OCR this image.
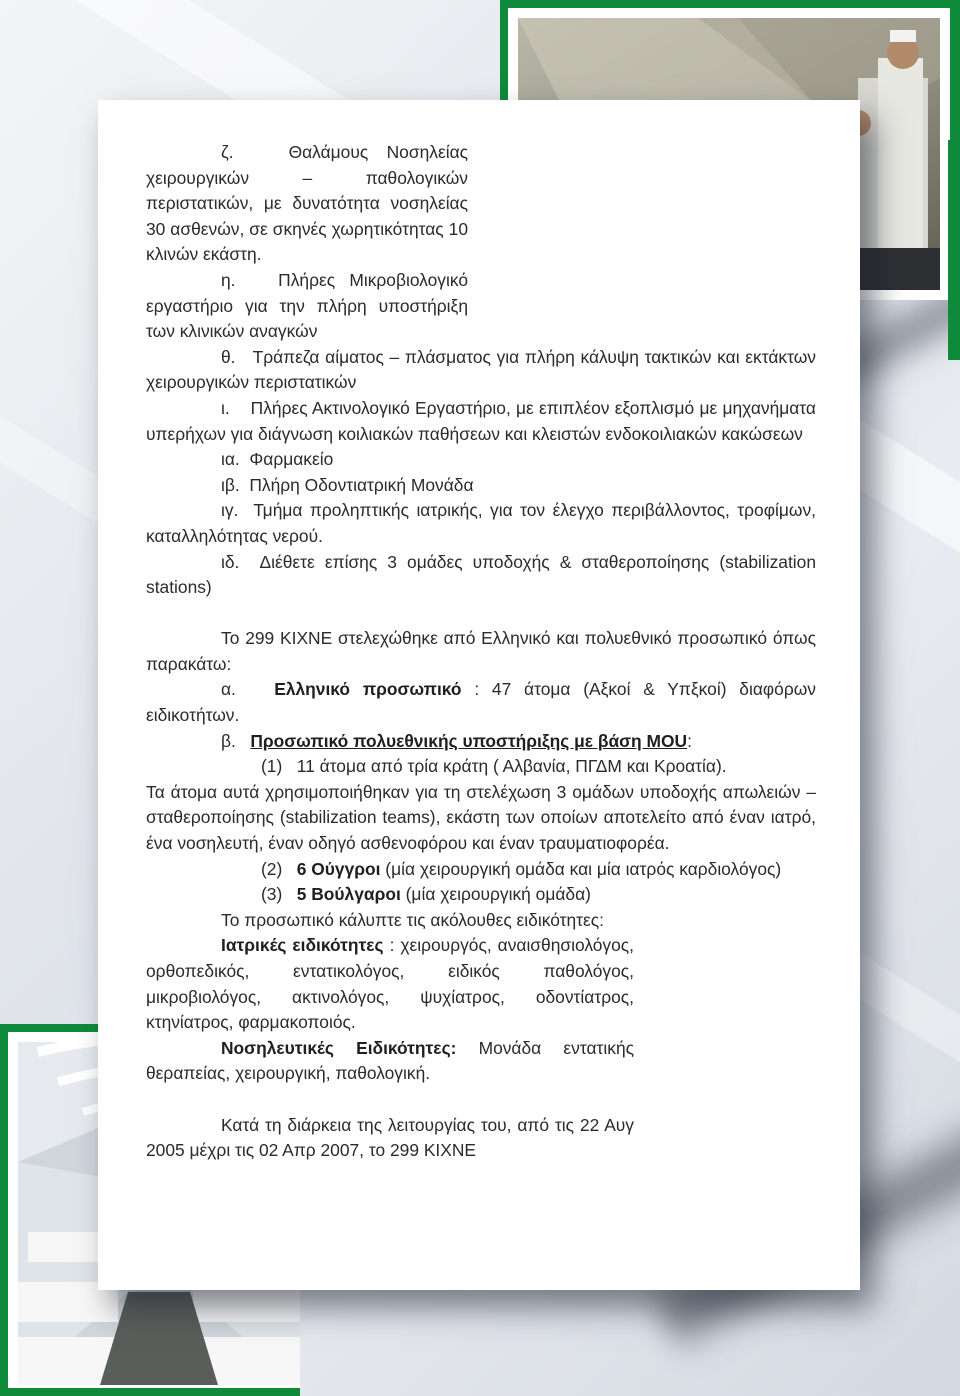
ζ.   Θαλάμους Νοσηλείας χειρουργικών – παθολογικών περιστατικών, με δυνατότητα νοσηλείας 30 ασθενών, σε σκηνές χωρητικότητας 10 κλινών εκάστη.

η.   Πλήρες Μικροβιολογικό εργαστήριο για την πλήρη υποστήριξη των κλινικών αναγκών

θ.   Τράπεζα αίματος – πλάσματος για πλήρη κάλυψη τακτικών και εκτάκτων χειρουργικών περιστατικών

ι.    Πλήρες Ακτινολογικό Εργαστήριο, με επιπλέον εξοπλισμό με μηχανήματα υπερήχων για διάγνωση κοιλιακών παθήσεων και κλειστών ενδοκοιλιακών κακώσεων

ια.  Φαρμακείο

ιβ.  Πλήρη Οδοντιατρική Μονάδα

ιγ.  Τμήμα προληπτικής ιατρικής, για τον έλεγχο περιβάλλοντος, τροφίμων, καταλληλότητας νερού.

ιδ.  Διέθετε επίσης 3 ομάδες υποδοχής & σταθεροποίησης (stabilization stations)

Το 299 ΚΙΧΝΕ στελεχώθηκε από Ελληνικό και πολυεθνικό προσωπικό όπως παρακάτω:

α.   Ελληνικό προσωπικό : 47 άτομα (Αξκοί & Υπξκοί) διαφόρων ειδικοτήτων.

β.   Προσωπικό πολυεθνικής υποστήριξης με βάση MOU:

(1)   11 άτομα από τρία κράτη ( Αλβανία, ΠΓΔΜ και Κροατία).

Τα άτομα αυτά χρησιμοποιήθηκαν για τη στελέχωση 3 ομάδων υποδοχής απωλειών – σταθεροποίησης (stabilization teams), εκάστη των οποίων αποτελείτο από έναν ιατρό, ένα νοσηλευτή, έναν οδηγό ασθενοφόρου και έναν τραυματιοφορέα.

(2)   6 Ούγγροι (μία χειρουργική ομάδα και μία ιατρός καρδιολόγος)

(3)   5 Βούλγαροι (μία χειρουργική ομάδα)

Το προσωπικό κάλυπτε τις ακόλουθες ειδικότητες:

Ιατρικές ειδικότητες : χειρουργός, αναισθησιολόγος, ορθοπεδικός, εντατικολόγος, ειδικός παθολόγος, μικροβιολόγος, ακτινολόγος, ψυχίατρος, οδοντίατρος, κτηνίατρος, φαρμακοποιός.

Νοσηλευτικές Ειδικότητες: Μονάδα εντατικής θεραπείας, χειρουργική, παθολογική.

Κατά τη διάρκεια της λειτουργίας του, από τις 22 Αυγ 2005 μέχρι τις 02 Απρ 2007, το 299 ΚΙΧΝΕ
